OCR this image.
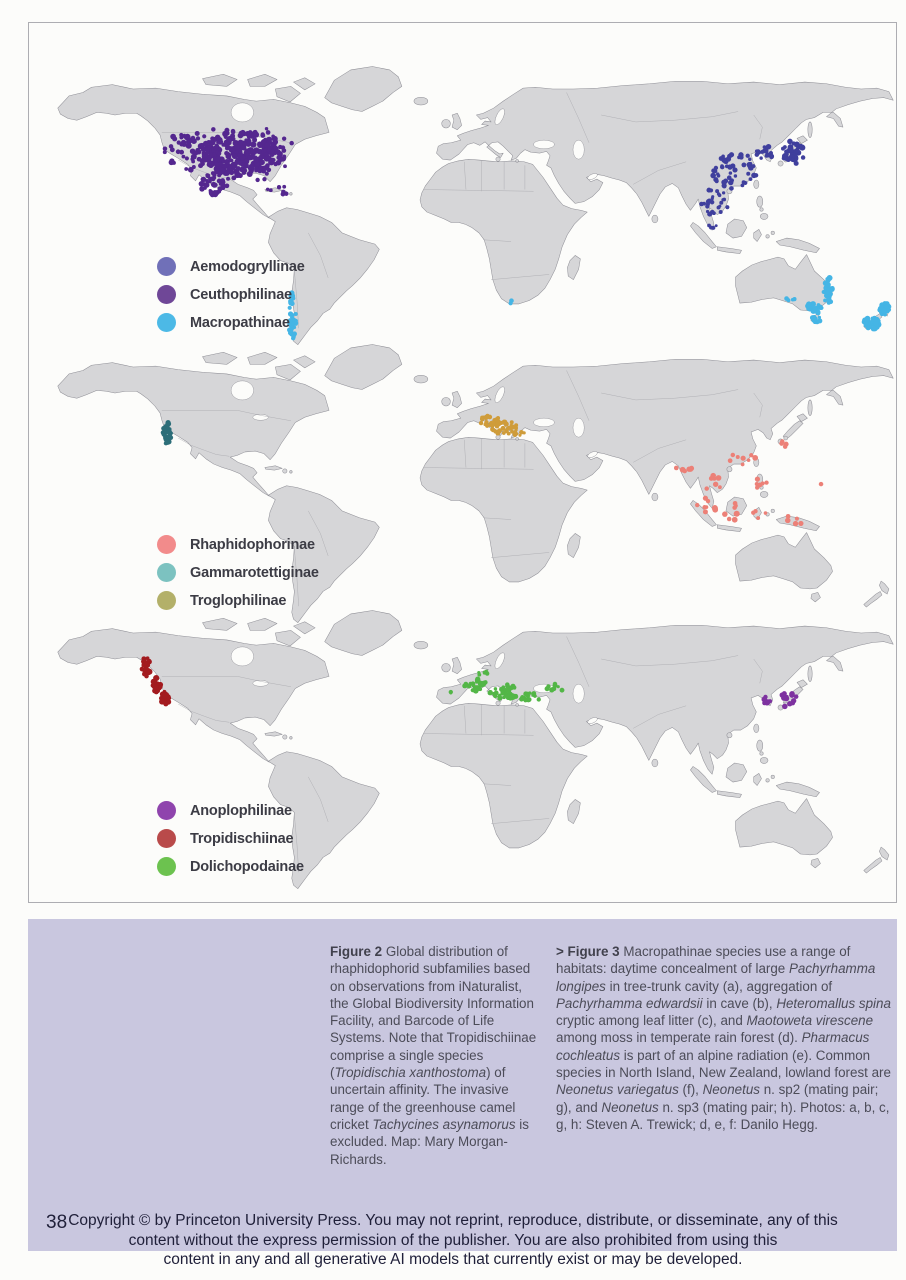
Aemodogryllinae
Ceuthophilinae
Macropathinae
Rhaphidophorinae
Gammarotettiginae
Troglophilinae
Anoplophilinae
Tropidischiinae
Dolichopodainae
Figure 2 Global distribution of rhaphidophorid subfamilies based on observations from iNaturalist, the Global Biodiversity Information Facility, and Barcode of Life Systems. Note that Tropidischiinae comprise a single species (Tropidischia xanthostoma) of uncertain affinity. The invasive range of the greenhouse camel cricket Tachycines asynamorus is excluded. Map: Mary Morgan-Richards.
> Figure 3 Macropathinae species use a range of habitats: daytime concealment of large Pachyrhamma longipes in tree-trunk cavity (a), aggregation of Pachyrhamma edwardsii in cave (b), Heteromallus spina cryptic among leaf litter (c), and Maotoweta virescene among moss in temperate rain forest (d). Pharmacus cochleatus is part of an alpine radiation (e). Common species in North Island, New Zealand, lowland forest are Neonetus variegatus (f), Neonetus n. sp2 (mating pair; g), and Neonetus n. sp3 (mating pair; h). Photos: a, b, c, g, h: Steven A. Trewick; d, e, f: Danilo Hegg.
38 Copyright © by Princeton University Press. You may not reprint, reproduce, distribute, or disseminate, any of this
content without the express permission of the publisher. You are also prohibited from using this
content in any and all generative AI models that currently exist or may be developed.
